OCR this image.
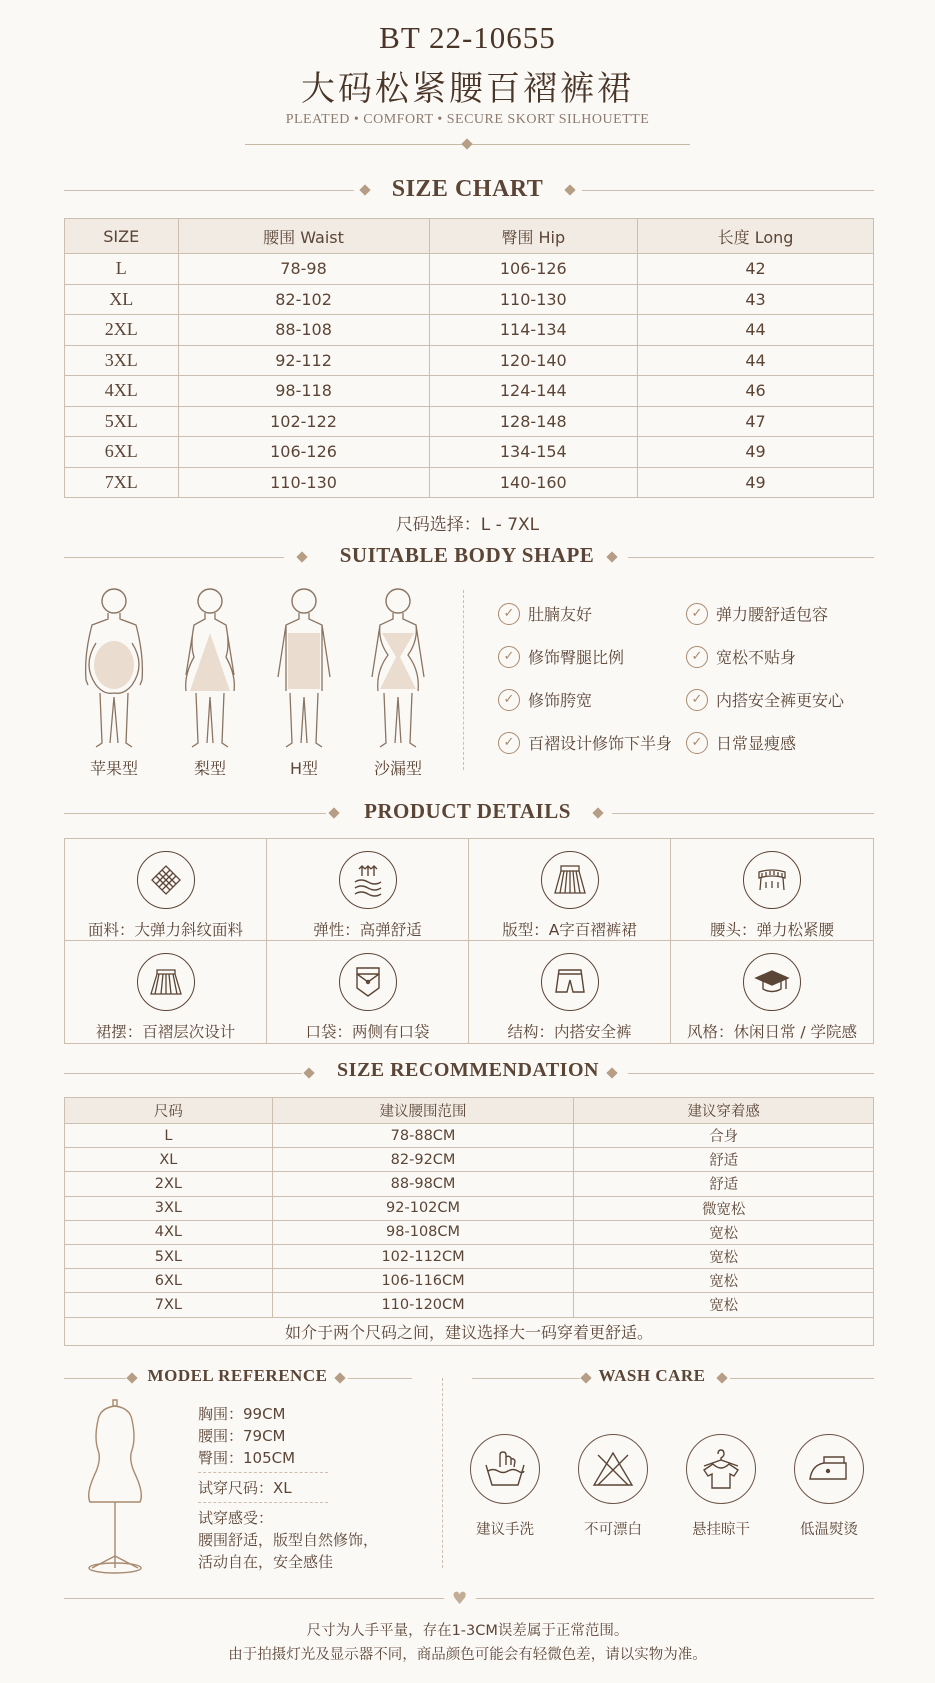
BT 22-10655
大码松紧腰百褶裤裙
PLEATED • COMFORT • SECURE SKORT SILHOUETTE
SIZE CHART
SIZE	腰围 Waist	臀围 Hip	长度 Long
L	78-98	106-126	42
XL	82-102	110-130	43
2XL	88-108	114-134	44
3XL	92-112	120-140	44
4XL	98-118	124-144	46
5XL	102-122	128-148	47
6XL	106-126	134-154	49
7XL	110-130	140-160	49
尺码选择：L - 7XL
SUITABLE BODY SHAPE
苹果型	梨型	H型	沙漏型
✓ 肚腩友好	✓ 弹力腰舒适包容
✓ 修饰臀腿比例	✓ 宽松不贴身
✓ 修饰胯宽	✓ 内搭安全裤更安心
✓ 百褶设计修饰下半身	✓ 日常显瘦感
PRODUCT DETAILS
面料：大弹力斜纹面料	弹性：高弹舒适	版型：A字百褶裤裙	腰头：弹力松紧腰
裙摆：百褶层次设计	口袋：两侧有口袋	结构：内搭安全裤	风格：休闲日常 / 学院感
SIZE RECOMMENDATION
尺码	建议腰围范围	建议穿着感
L	78-88CM	合身
XL	82-92CM	舒适
2XL	88-98CM	舒适
3XL	92-102CM	微宽松
4XL	98-108CM	宽松
5XL	102-112CM	宽松
6XL	106-116CM	宽松
7XL	110-120CM	宽松
如介于两个尺码之间，建议选择大一码穿着更舒适。		
MODEL REFERENCE
胸围：99CM
腰围：79CM
臀围：105CM
试穿尺码：XL
试穿感受：
腰围舒适，版型自然修饰，
活动自在，安全感佳
WASH CARE
建议手洗	不可漂白	悬挂晾干	低温熨烫
♥
尺寸为人手平量，存在1-3CM误差属于正常范围。
由于拍摄灯光及显示器不同，商品颜色可能会有轻微色差，请以实物为准。
